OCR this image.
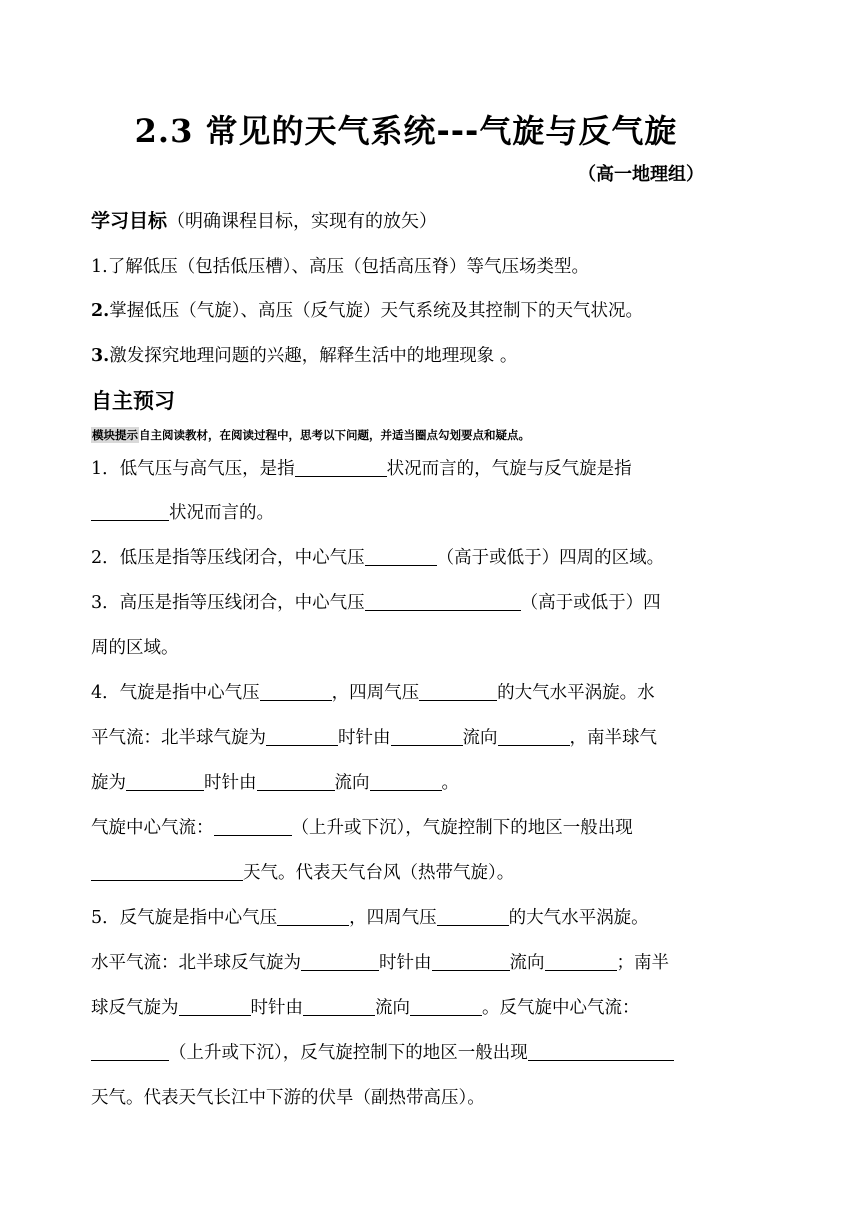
2.3 常见的天气系统---气旋与反气旋
（高一地理组）
学习目标（明确课程目标，实现有的放矢）
1.了解低压（包括低压槽）、高压（包括高压脊）等气压场类型。
2.掌握低压（气旋）、高压（反气旋）天气系统及其控制下的天气状况。
3.激发探究地理问题的兴趣，解释生活中的地理现象 。
自主预习
模块提示自主阅读教材，在阅读过程中，思考以下问题，并适当圈点勾划要点和疑点。
1．低气压与高气压，是指	状况而言的，气旋与反气旋是指
状况而言的。
2．低压是指等压线闭合，中心气压	（高于或低于）四周的区域。
3．高压是指等压线闭合，中心气压	（高于或低于）四
周的区域。
4．气旋是指中心气压	，四周气压	的大气水平涡旋。水
平气流：北半球气旋为	时针由	流向	，南半球气
旋为	时针由	流向	。
气旋中心气流：	（上升或下沉），气旋控制下的地区一般出现
天气。代表天气台风（热带气旋）。
5．反气旋是指中心气压	，四周气压	的大气水平涡旋。
水平气流：北半球反气旋为	时针由	流向	；南半
球反气旋为	时针由	流向	。反气旋中心气流：
（上升或下沉），反气旋控制下的地区一般出现
天气。代表天气长江中下游的伏旱（副热带高压）。
